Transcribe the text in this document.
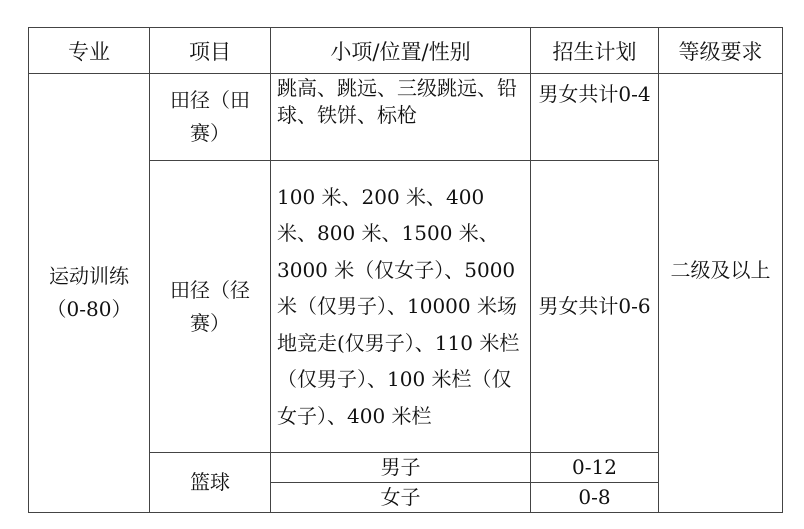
专业	项目	小项/位置/性别	招生计划	等级要求
运动训练（0-80）	田径（田赛）	跳高、跳远、三级跳远、铅球、铁饼、标枪	男女共计0-4	二级及以上
	田径（径赛）	100 米、200 米、400 米、800 米、1500 米、3000 米（仅女子）、5000 米（仅男子）、10000 米场地竞走(仅男子）、110 米栏（仅男子）、100 米栏（仅女子）、400 米栏	男女共计0-6	
	篮球	男子	0-12	
		女子	0-8	
